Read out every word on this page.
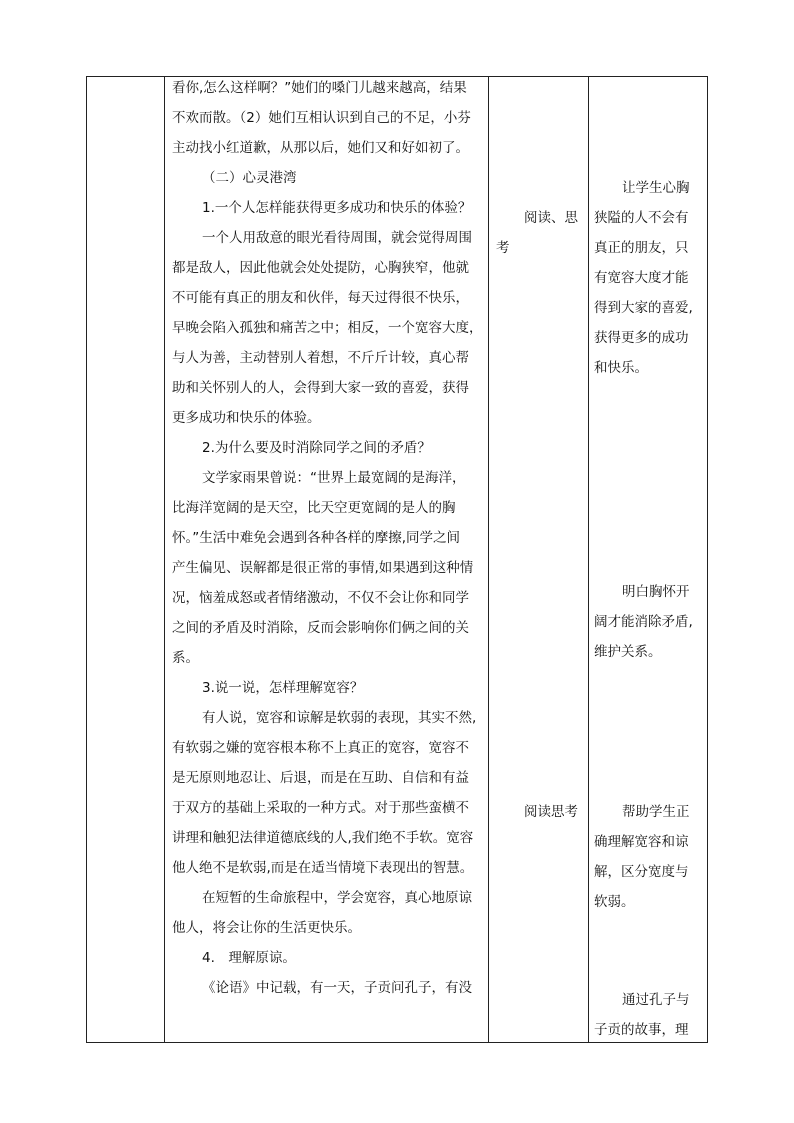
看你,怎么这样啊？”她们的嗓门儿越来越高，结果
不欢而散。（2）她们互相认识到自己的不足，小芬
主动找小红道歉，从那以后，她们又和好如初了。
（二）心灵港湾
1.一个人怎样能获得更多成功和快乐的体验？
一个人用敌意的眼光看待周围，就会觉得周围
都是敌人，因此他就会处处提防，心胸狭窄，他就
不可能有真正的朋友和伙伴，每天过得很不快乐，
早晚会陷入孤独和痛苦之中；相反，一个宽容大度，
与人为善，主动替别人着想，不斤斤计较，真心帮
助和关怀别人的人，会得到大家一致的喜爱，获得
更多成功和快乐的体验。
2.为什么要及时消除同学之间的矛盾？
文学家雨果曾说：“世界上最宽阔的是海洋，
比海洋宽阔的是天空，比天空更宽阔的是人的胸
怀。”生活中难免会遇到各种各样的摩擦,同学之间
产生偏见、误解都是很正常的事情,如果遇到这种情
况，恼羞成怒或者情绪激动，不仅不会让你和同学
之间的矛盾及时消除，反而会影响你们俩之间的关
系。
3.说一说，怎样理解宽容？
有人说，宽容和谅解是软弱的表现，其实不然,
有软弱之嫌的宽容根本称不上真正的宽容，宽容不
是无原则地忍让、后退，而是在互助、自信和有益
于双方的基础上采取的一种方式。对于那些蛮横不
讲理和触犯法律道德底线的人,我们绝不手软。宽容
他人绝不是软弱,而是在适当情境下表现出的智慧。
在短暂的生命旅程中，学会宽容，真心地原谅
他人，将会让你的生活更快乐。
4.　理解原谅。
《论语》中记载，有一天，子贡问孔子，有没
阅读、思
考
阅读思考
让学生心胸
狭隘的人不会有
真正的朋友，只
有宽容大度才能
得到大家的喜爱,
获得更多的成功
和快乐。
明白胸怀开
阔才能消除矛盾,
维护关系。
帮助学生正
确理解宽容和谅
解，区分宽度与
软弱。
通过孔子与
子贡的故事，理
